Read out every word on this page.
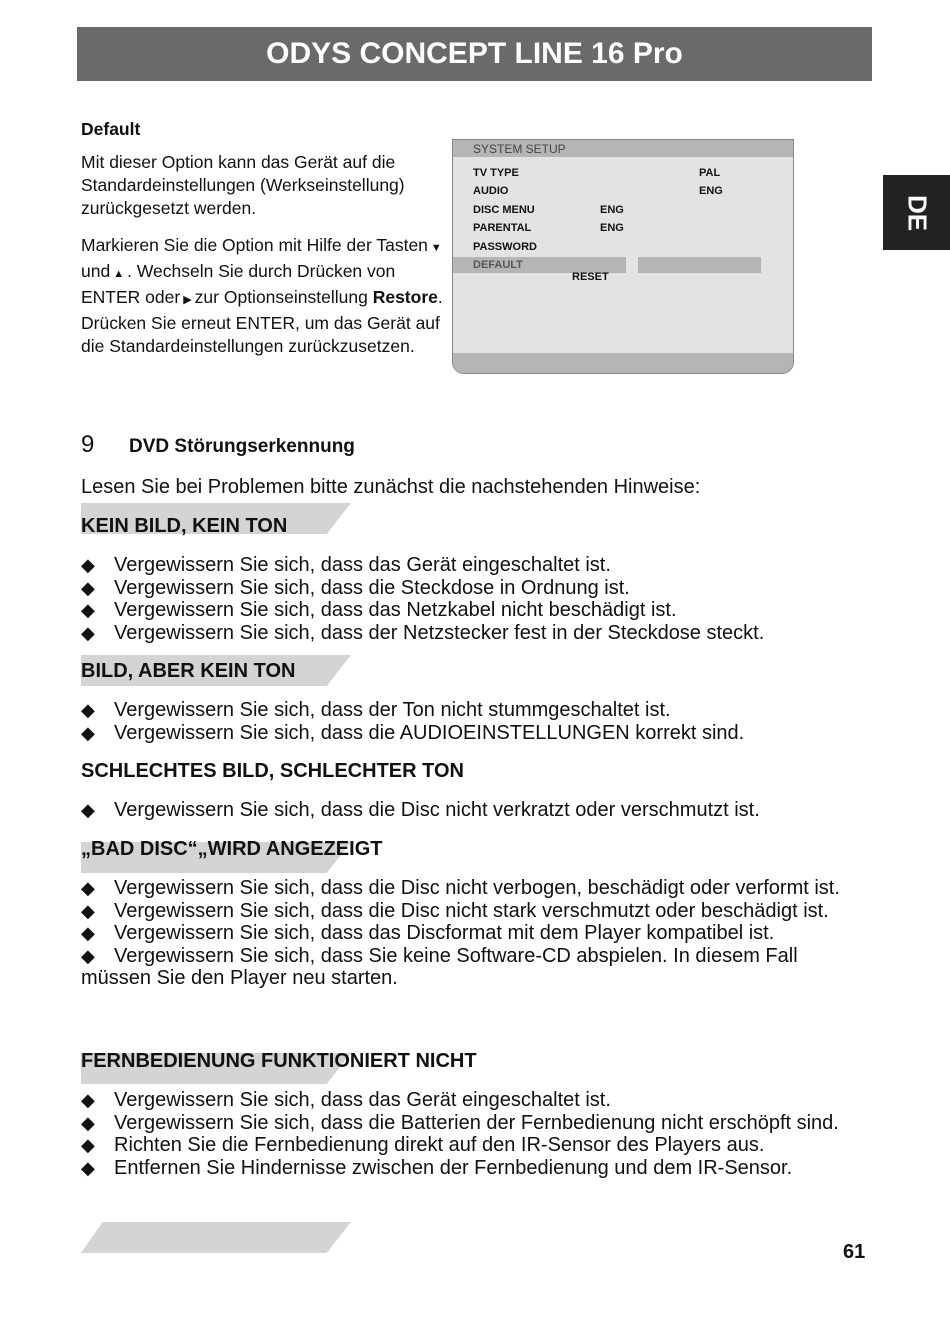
ODYS CONCEPT LINE 16 Pro
DE
Default

Mit dieser Option kann das Gerät auf die Standardeinstellungen (Werkseinstellung) zurückgesetzt werden.

Markieren Sie die Option mit Hilfe der Tasten ▼und ▲ . Wechseln Sie durch Drücken von ENTER oder ▶ zur Optionseinstellung Restore. Drücken Sie erneut ENTER, um das Gerät auf die Standardeinstellungen zurückzusetzen.

SYSTEM SETUP
TV TYPE	PAL
AUDIO	ENG
DISC MENU	ENG
PARENTAL	ENG
PASSWORD
DEFAULT
RESET
9 DVD Störungserkennung
Lesen Sie bei Problemen bitte zunächst die nachstehenden Hinweise:
KEIN BILD, KEIN TON
◆ Vergewissern Sie sich, dass das Gerät eingeschaltet ist.
◆ Vergewissern Sie sich, dass die Steckdose in Ordnung ist.
◆ Vergewissern Sie sich, dass das Netzkabel nicht beschädigt ist.
◆ Vergewissern Sie sich, dass der Netzstecker fest in der Steckdose steckt.
BILD, ABER KEIN TON
◆ Vergewissern Sie sich, dass der Ton nicht stummgeschaltet ist.
◆ Vergewissern Sie sich, dass die AUDIOEINSTELLUNGEN korrekt sind.
SCHLECHTES BILD, SCHLECHTER TON
◆ Vergewissern Sie sich, dass die Disc nicht verkratzt oder verschmutzt ist.
„BAD DISC“„WIRD ANGEZEIGT
◆ Vergewissern Sie sich, dass die Disc nicht verbogen, beschädigt oder verformt ist.
◆ Vergewissern Sie sich, dass die Disc nicht stark verschmutzt oder beschädigt ist.
◆ Vergewissern Sie sich, dass das Discformat mit dem Player kompatibel ist.
◆ Vergewissern Sie sich, dass Sie keine Software-CD abspielen. In diesem Fall müssen Sie den Player neu starten.
FERNBEDIENUNG FUNKTIONIERT NICHT
◆ Vergewissern Sie sich, dass das Gerät eingeschaltet ist.
◆ Vergewissern Sie sich, dass die Batterien der Fernbedienung nicht erschöpft sind.
◆ Richten Sie die Fernbedienung direkt auf den IR-Sensor des Players aus.
◆ Entfernen Sie Hindernisse zwischen der Fernbedienung und dem IR-Sensor.
61
